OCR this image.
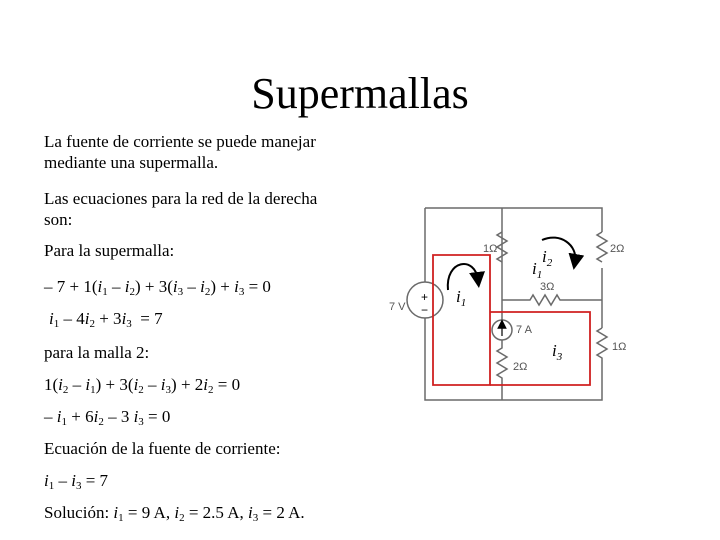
Supermallas
La fuente de corriente se puede manejar
mediante una supermalla.
Las ecuaciones para la red de la derecha
son:
Para la supermalla:
– $7 + 1(i_1 - i_2) + 3(i_3 - i_2) + i_3 = 0$
$i_1 - 4i_2 + 3i_3 = 7$
para la malla 2:
$1(i_2 - i_1) + 3(i_2 - i_3) + 2i_2 = 0$
– $i_1 + 6i_2 - 3$ $i_3 = 0$
Ecuación de la fuente de corriente:
$i_1 - i_3 = 7$
Solución: $i_1 = 9$ A, $i_2 = 2.5$ A, $i_3 = 2$ A.
+
−
1Ω	2Ω
3Ω
1Ω
2Ω
7 V
7 A
$i_1$
$i_2$
$i_1$
$i_3$
